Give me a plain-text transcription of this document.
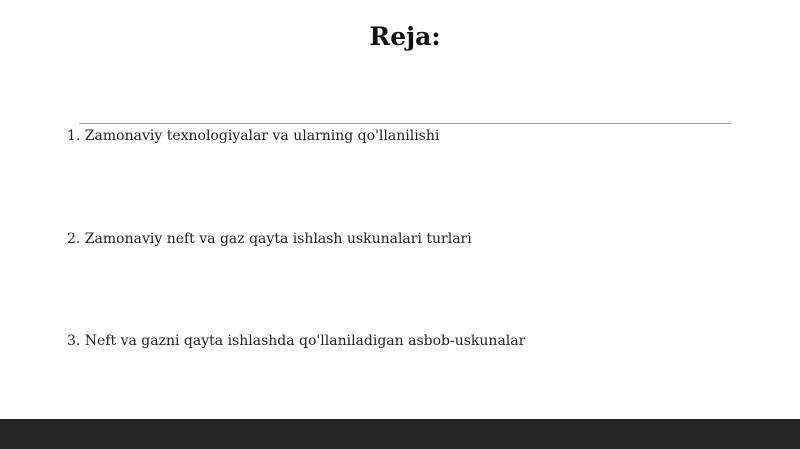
Reja:
1. Zamonaviy texnologiyalar va ularning qo'llanilishi
2. Zamonaviy neft va gaz qayta ishlash uskunalari turlari
3. Neft va gazni qayta ishlashda qo'llaniladigan asbob-uskunalar
